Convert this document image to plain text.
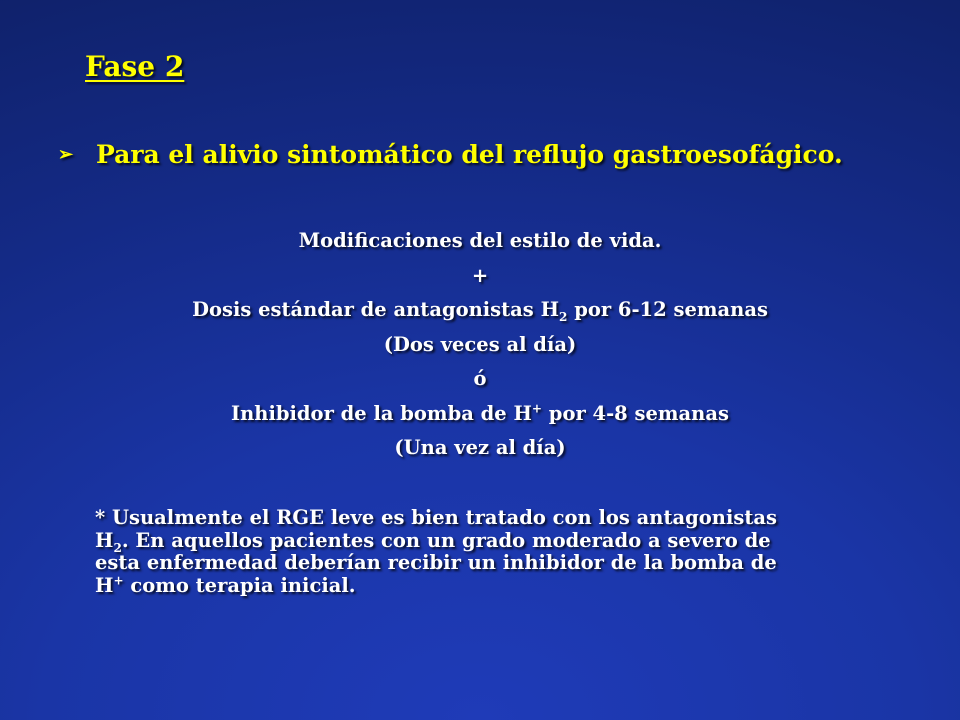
Fase 2
➢ Para el alivio sintomático del reflujo gastroesofágico.
Modificaciones del estilo de vida.
+
Dosis estándar de antagonistas $H_2$ por 6-12 semanas
(Dos veces al día)
ó
Inhibidor de la bomba de H+ por 4-8 semanas
(Una vez al día)
* Usualmente el RGE leve es bien tratado con los antagonistas
$H_2$. En aquellos pacientes con un grado moderado a severo de
esta enfermedad deberían recibir un inhibidor de la bomba de
H+ como terapia inicial.
